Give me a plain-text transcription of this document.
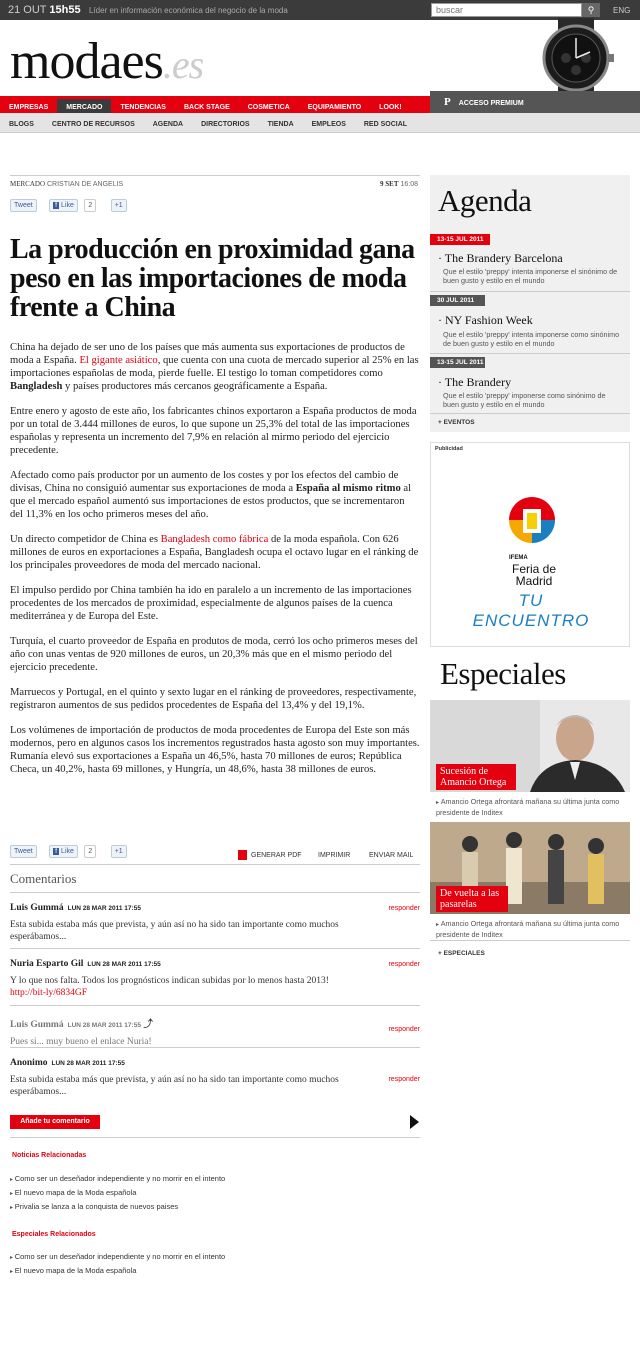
21 OUT 15h55 Líder en información económica del negocio de la moda
buscar	⚲	ENG
modaes.es
EMPRESAS	MERCADO	TENDENCIAS	BACK STAGE	COSMETICA	EQUIPAMIENTO	LOOK!	P ACCESO PREMIUM
BLOGS	CENTRO DE RECURSOS	AGENDA	DIRECTORIOS	TIENDA	EMPLEOS	RED SOCIAL
MERCADO CRISTIAN DE ANGELIS	9 SET 16:08
Tweet	f Like 2	+1
La producción en proximidad gana peso en las importaciones de moda frente a China

China ha dejado de ser uno de los países que más aumenta sus exportaciones de productos de moda a España. El gigante asiático, que cuenta con una cuota de mercado superior al 25% en las importaciones españolas de moda, pierde fuelle. El testigo lo toman competidores como Bangladesh y países productores más cercanos geográficamente a España.

Entre enero y agosto de este año, los fabricantes chinos exportaron a España productos de moda por un total de 3.444 millones de euros, lo que supone un 25,3% del total de las importaciones españolas y representa un incremento del 7,9% en relación al mirmo periodo del ejercicio precedente.

Afectado como país productor por un aumento de los costes y por los efectos del cambio de divisas, China no consiguió aumentar sus exportaciones de moda a España al mismo ritmo al que el mercado español aumentó sus importaciones de estos productos, que se incrementaron del 11,3% en los ocho primeros meses del año.

Un directo competidor de China es Bangladesh como fábrica de la moda española. Con 626 millones de euros en exportaciones a España, Bangladesh ocupa el octavo lugar en el ránking de los principales proveedores de moda del mercado nacional.

El impulso perdido por China también ha ido en paralelo a un incremento de las importaciones procedentes de los mercados de proximidad, especialmente de algunos países de la cuenca mediterránea y de Europa del Este.

Turquía, el cuarto proveedor de España en produtos de moda, cerró los ocho primeros meses del año con unas ventas de 920 millones de euros, un 20,3% más que en el mismo periodo del ejercicio precedente.

Marruecos y Portugal, en el quinto y sexto lugar en el ránking de proveedores, respectivamente, registraron aumentos de sus pedidos procedentes de España del 13,4% y del 19,1%.

Los volúmenes de importación de productos de moda procedentes de Europa del Este son más modernos, pero en algunos casos los incrementos regustrados hasta agosto son muy importantes. Rumanía elevó sus exportaciones a España un 46,5%, hasta 70 millones de euros; República Checa, un 40,2%, hasta 69 millones, y Hungría, un 48,6%, hasta 38 millones de euros.

Tweet	f Like 2	+1
GENERAR PDF IMPRIMIR	ENVIAR MAIL
Comentarios
Luis Gummá LUN 28 MAR 2011 17:55
Esta subida estaba más que prevista, y aún así no ha sido tan importante como muchos esperábamos...
responder
Nuria Esparto Gil LUN 28 MAR 2011 17:55
Y lo que nos falta. Todos los prognósticos indican subidas por lo menos hasta 2013!
http://bit-ly/6834GF
responder
Luis Gummá LUN 28 MAR 2011 17:55 ⤴
Pues si... muy bueno el enlace Nuria!
responder
Anonimo LUN 28 MAR 2011 17:55
Esta subida estaba más que prevista, y aún así no ha sido tan importante como muchos esperábamos...
responder
Añade tu comentario
Noticias Relacionadas
▸ Como ser un deseñador independiente y no morrir en el intento
▸ El nuevo mapa de la Moda española
▸ Privalia se lanza a la conquista de nuevos paises
Especiales Relacionados
▸ Como ser un deseñador independiente y no morrir en el intento
▸ El nuevo mapa de la Moda española
Agenda
13-15 JUL 2011
· The Brandery Barcelona
Que el estilo 'preppy' intenta imponerse el sinónimo de buen gusto y estilo en el mundo
30 JUL 2011
· NY Fashion Week
Que el estilo 'preppy' intenta imponerse como sinónimo de buen gusto y estilo en el mundo
13-15 JUL 2011
· The Brandery
Que el estilo 'preppy' imponerse como sinónimo de buen gusto y estilo en el mundo
+ EVENTOS
Publicidad
IFEMA
Feria de Madrid
TU ENCUENTRO
Especiales
Sucesión de Amancio Ortega
▸ Amancio Ortega afrontará mañana su última junta como presidente de Inditex
De vuelta a las pasarelas
▸ Amancio Ortega afrontará mañana su última junta como presidente de Inditex
+ ESPECIALES
